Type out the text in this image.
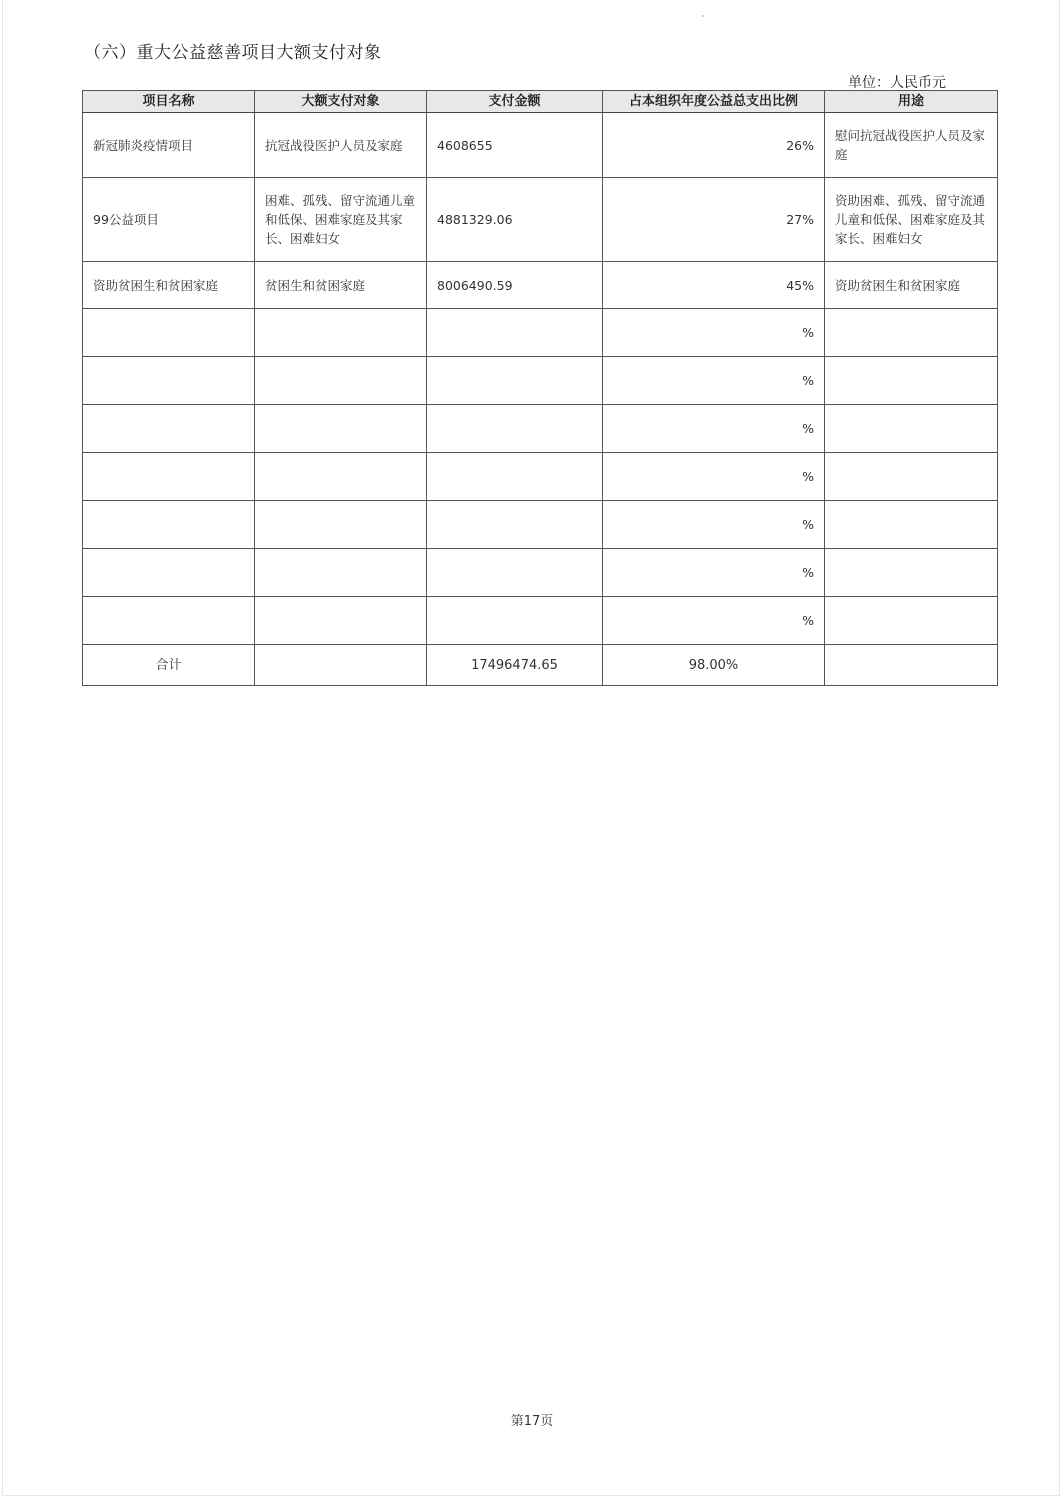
（六）重大公益慈善项目大额支付对象
单位：人民币元
项目名称	大额支付对象	支付金额	占本组织年度公益总支出比例	用途
新冠肺炎疫情项目	抗冠战役医护人员及家庭	4608655	26%	慰问抗冠战役医护人员及家庭
99公益项目	困难、孤残、留守流通儿童和低保、困难家庭及其家长、困难妇女	4881329.06	27%	资助困难、孤残、留守流通儿童和低保、困难家庭及其家长、困难妇女
资助贫困生和贫困家庭	贫困生和贫困家庭	8006490.59	45%	资助贫困生和贫困家庭
			%	
			%	
			%	
			%	
			%	
			%	
			%	
合计		17496474.65	98.00%	
第17页
